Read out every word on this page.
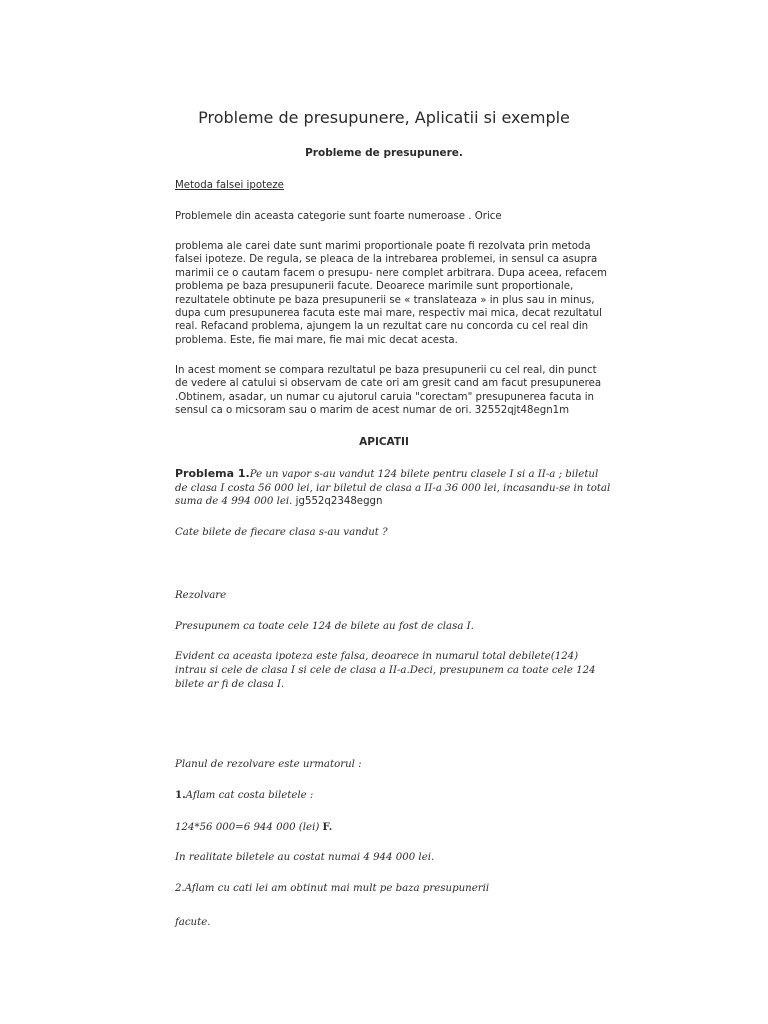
Probleme de presupunere, Aplicatii si exemple
Probleme de presupunere.
Metoda falsei ipoteze
Problemele din aceasta categorie sunt foarte numeroase . Orice
problema ale carei date sunt marimi proportionale poate fi rezolvata prin metoda falsei ipoteze. De regula, se pleaca de la intrebarea problemei, in sensul ca asupra marimii ce o cautam facem o presupu- nere complet arbitrara. Dupa aceea, refacem problema pe baza presupunerii facute. Deoarece marimile sunt proportionale, rezultatele obtinute pe baza presupunerii se « translateaza » in plus sau in minus, dupa cum presupunerea facuta este mai mare, respectiv mai mica, decat rezultatul real. Refacand problema, ajungem la un rezultat care nu concorda cu cel real din problema. Este, fie mai mare, fie mai mic decat acesta.
In acest moment se compara rezultatul pe baza presupunerii cu cel real, din punct de vedere al catului si observam de cate ori am gresit cand am facut presupunerea .Obtinem, asadar, un numar cu ajutorul caruia "corectam" presupunerea facuta in sensul ca o micsoram sau o marim de acest numar de ori. 32552qjt48egn1m
APICATII
Problema 1.Pe un vapor s-au vandut 124 bilete pentru clasele I si a II-a ; biletul de clasa I costa 56 000 lei, iar biletul de clasa a II-a 36 000 lei, incasandu-se in total suma de 4 994 000 lei. jg552q2348eggn
Cate bilete de fiecare clasa s-au vandut ?
Rezolvare
Presupunem ca toate cele 124 de bilete au fost de clasa I.
Evident ca aceasta ipoteza este falsa, deoarece in numarul total debilete(124) intrau si cele de clasa I si cele de clasa a II-a.Deci, presupunem ca toate cele 124 bilete ar fi de clasa I.
Planul de rezolvare este urmatorul :
1.Aflam cat costa biletele :
124*56 000=6 944 000 (lei) F.
In realitate biletele au costat numai 4 944 000 lei.
2.Aflam cu cati lei am obtinut mai mult pe baza presupunerii
facute.
